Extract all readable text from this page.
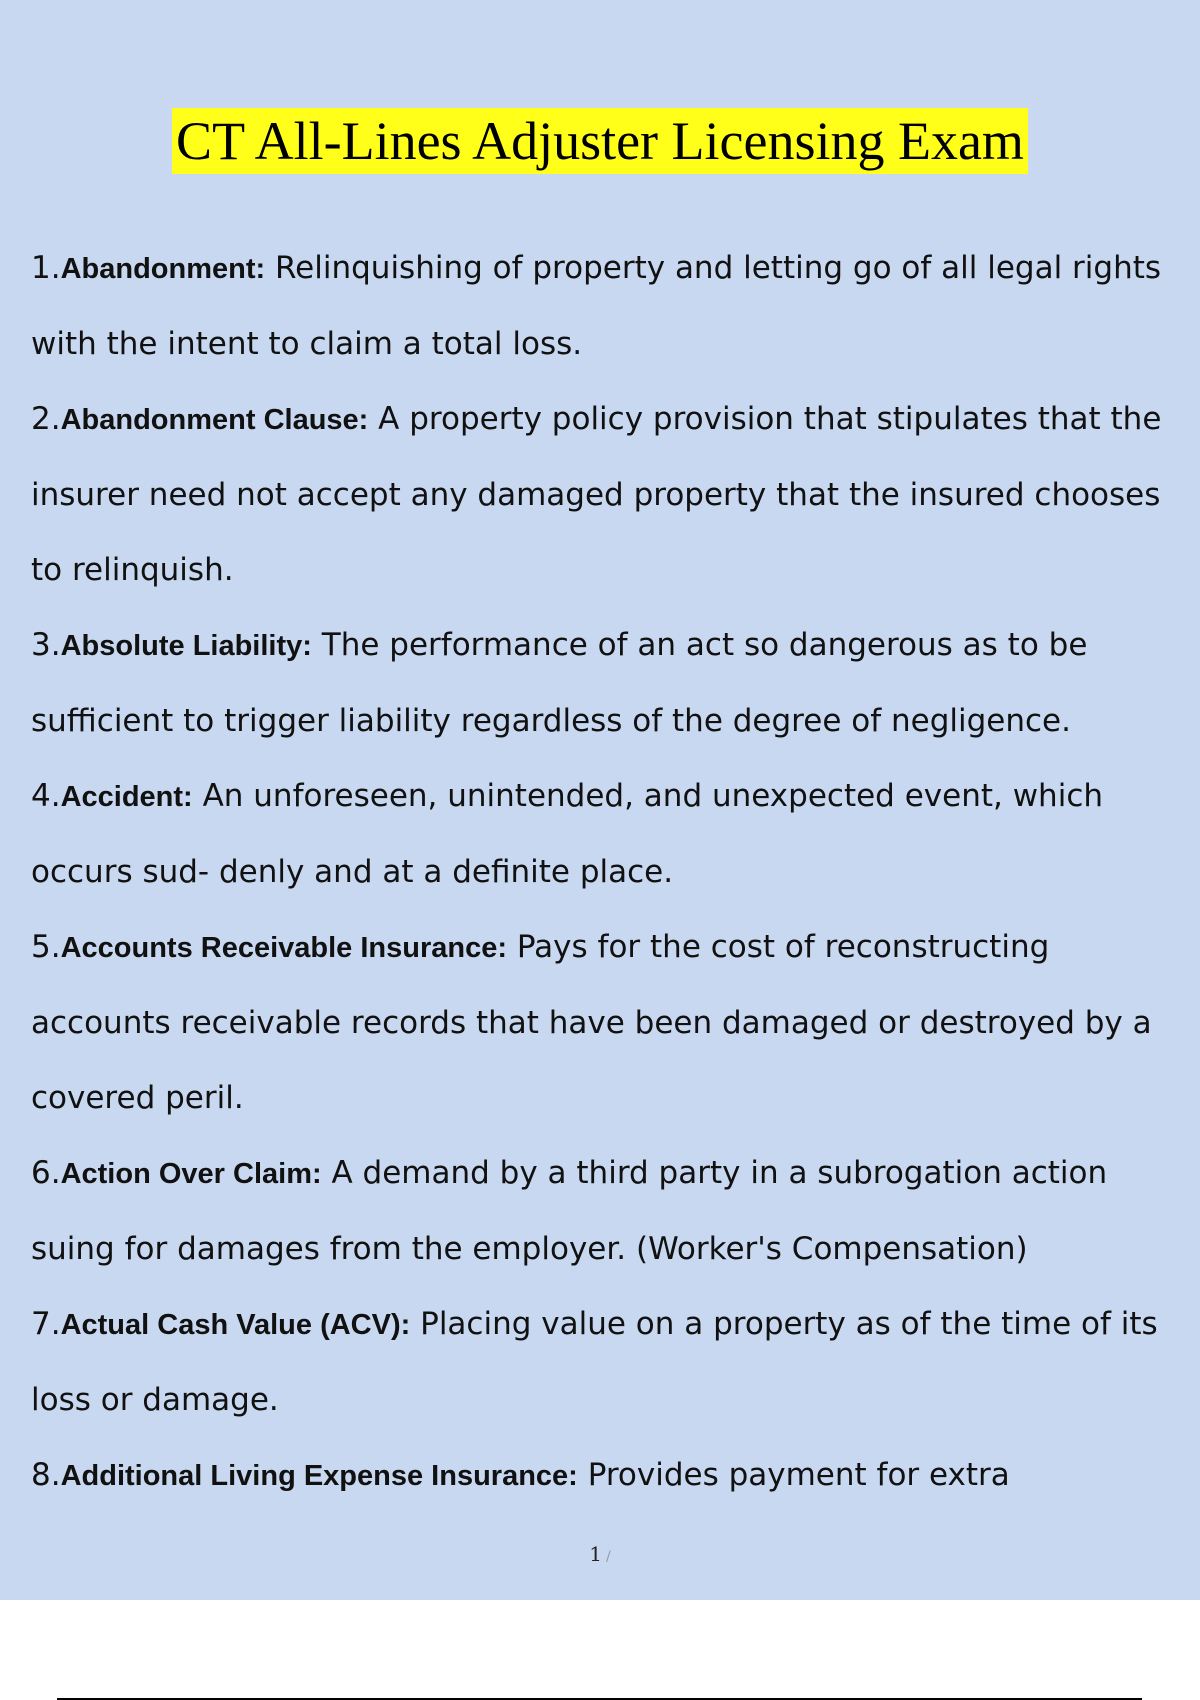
CT All-Lines Adjuster Licensing Exam
1.Abandonment: Relinquishing of property and letting go of all legal rights with the intent to claim a total loss.
2.Abandonment Clause: A property policy provision that stipulates that the insurer need not accept any damaged property that the insured chooses to relinquish.
3.Absolute Liability: The performance of an act so dangerous as to be sufficient to trigger liability regardless of the degree of negligence.
4.Accident: An unforeseen, unintended, and unexpected event, which occurs sud- denly and at a definite place.
5.Accounts Receivable Insurance: Pays for the cost of reconstructing accounts receivable records that have been damaged or destroyed by a covered peril.
6.Action Over Claim: A demand by a third party in a subrogation action suing for damages from the employer. (Worker's Compensation)
7.Actual Cash Value (ACV): Placing value on a property as of the time of its loss or damage.
8.Additional Living Expense Insurance: Provides payment for extra
1 /
